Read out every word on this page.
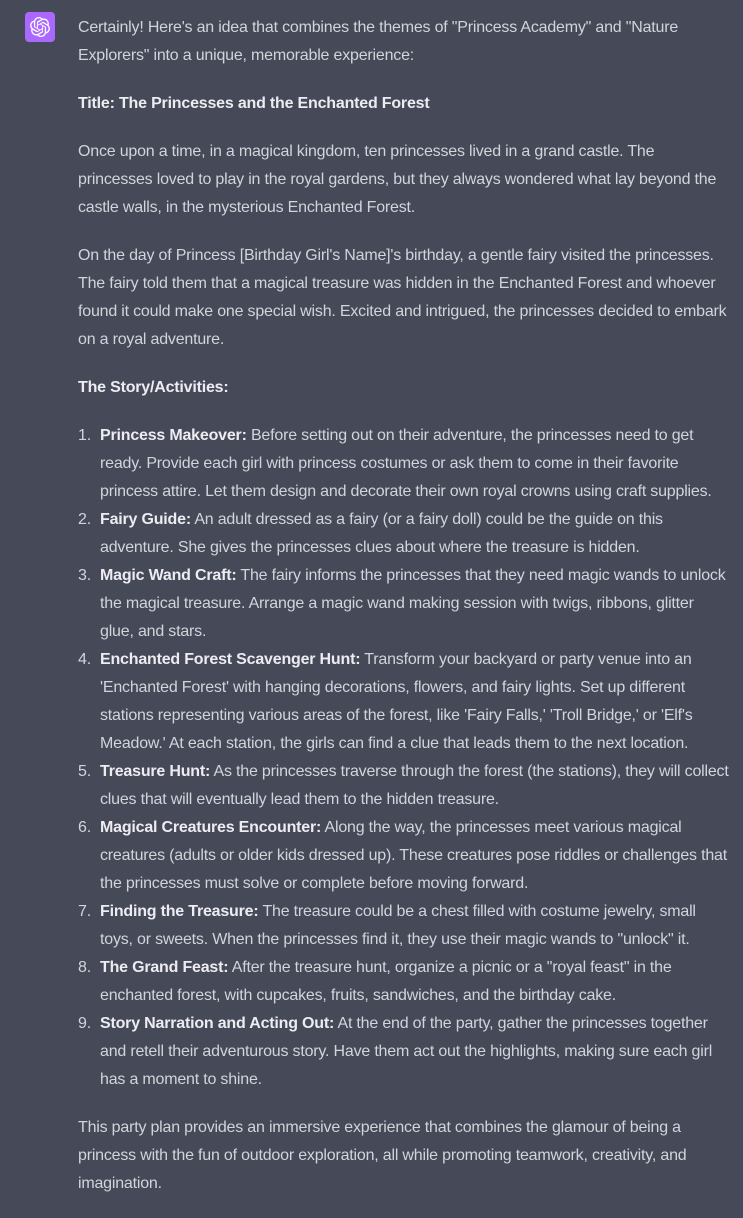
Certainly! Here's an idea that combines the themes of "Princess Academy" and "Nature Explorers" into a unique, memorable experience:

Title: The Princesses and the Enchanted Forest

Once upon a time, in a magical kingdom, ten princesses lived in a grand castle. The princesses loved to play in the royal gardens, but they always wondered what lay beyond the castle walls, in the mysterious Enchanted Forest.

On the day of Princess [Birthday Girl's Name]'s birthday, a gentle fairy visited the princesses. The fairy told them that a magical treasure was hidden in the Enchanted Forest and whoever found it could make one special wish. Excited and intrigued, the princesses decided to embark on a royal adventure.

The Story/Activities:

1. Princess Makeover: Before setting out on their adventure, the princesses need to get ready. Provide each girl with princess costumes or ask them to come in their favorite princess attire. Let them design and decorate their own royal crowns using craft supplies.
2. Fairy Guide: An adult dressed as a fairy (or a fairy doll) could be the guide on this adventure. She gives the princesses clues about where the treasure is hidden.
3. Magic Wand Craft: The fairy informs the princesses that they need magic wands to unlock the magical treasure. Arrange a magic wand making session with twigs, ribbons, glitter glue, and stars.
4. Enchanted Forest Scavenger Hunt: Transform your backyard or party venue into an 'Enchanted Forest' with hanging decorations, flowers, and fairy lights. Set up different stations representing various areas of the forest, like 'Fairy Falls,' 'Troll Bridge,' or 'Elf's Meadow.' At each station, the girls can find a clue that leads them to the next location.
5. Treasure Hunt: As the princesses traverse through the forest (the stations), they will collect clues that will eventually lead them to the hidden treasure.
6. Magical Creatures Encounter: Along the way, the princesses meet various magical creatures (adults or older kids dressed up). These creatures pose riddles or challenges that the princesses must solve or complete before moving forward.
7. Finding the Treasure: The treasure could be a chest filled with costume jewelry, small toys, or sweets. When the princesses find it, they use their magic wands to "unlock" it.
8. The Grand Feast: After the treasure hunt, organize a picnic or a "royal feast" in the enchanted forest, with cupcakes, fruits, sandwiches, and the birthday cake.
9. Story Narration and Acting Out: At the end of the party, gather the princesses together and retell their adventurous story. Have them act out the highlights, making sure each girl has a moment to shine.

This party plan provides an immersive experience that combines the glamour of being a princess with the fun of outdoor exploration, all while promoting teamwork, creativity, and imagination.
